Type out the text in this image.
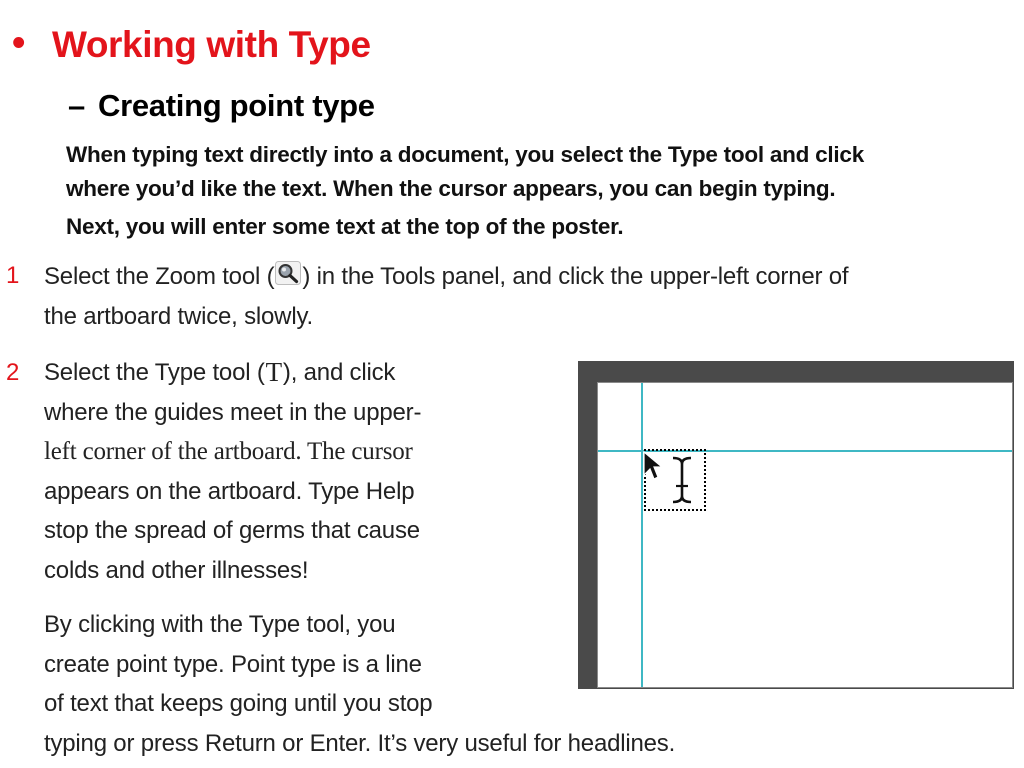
• Working with Type
– Creating point type
When typing text directly into a document, you select the Type tool and click
where you’d like the text. When the cursor appears, you can begin typing.
Next, you will enter some text at the top of the poster.
1 Select the Zoom tool ( ) in the Tools panel, and click the upper-left corner of
the artboard twice, slowly.
2 Select the Type tool (T), and click
where the guides meet in the upper-
left corner of the artboard. The cursor
appears on the artboard. Type Help
stop the spread of germs that cause
colds and other illnesses!
By clicking with the Type tool, you
create point type. Point type is a line
of text that keeps going until you stop
typing or press Return or Enter. It’s very useful for headlines.
